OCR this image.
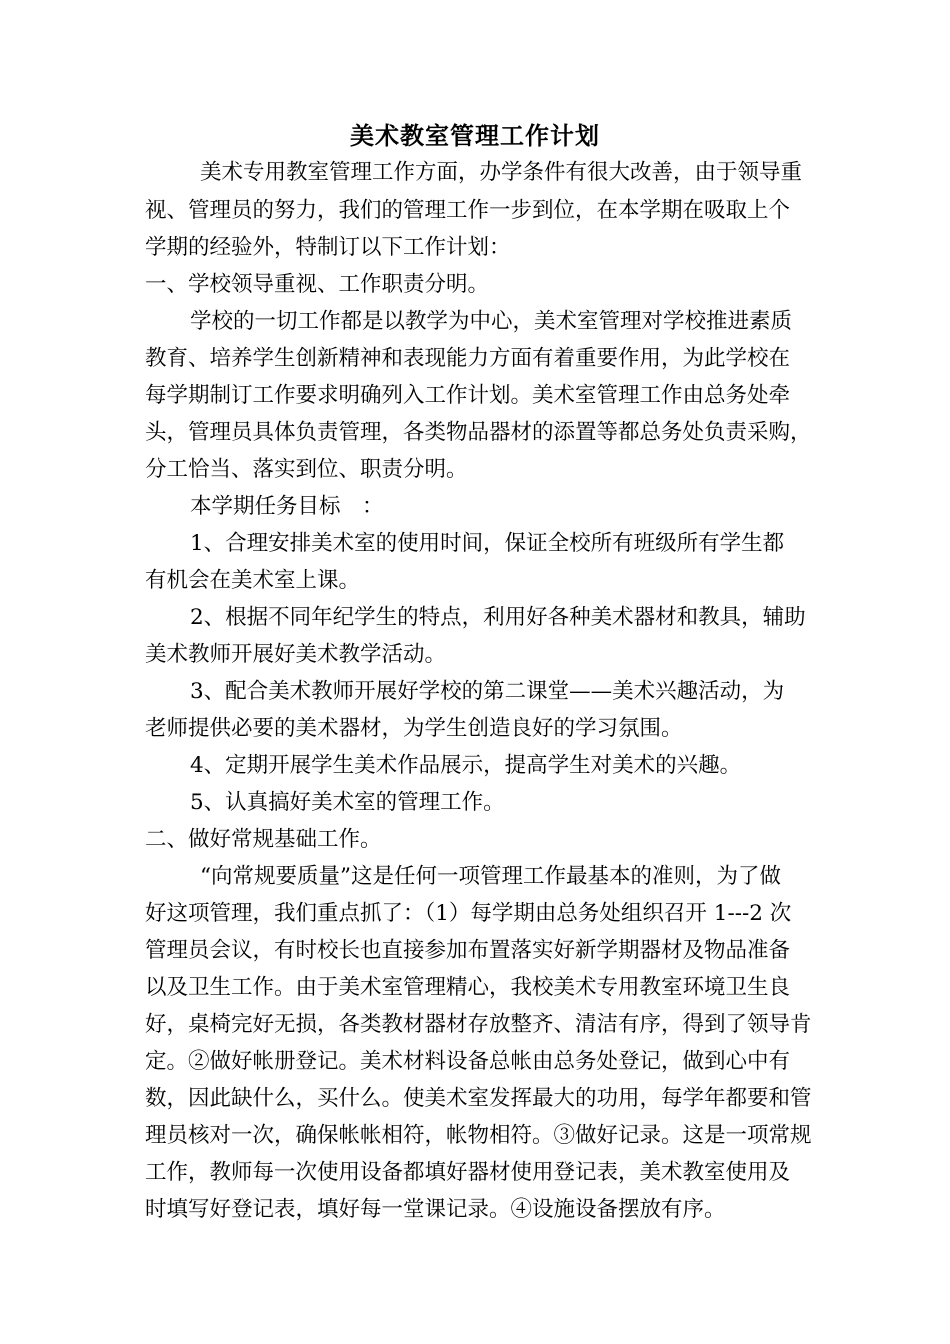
美术教室管理工作计划
美术专用教室管理工作方面，办学条件有很大改善，由于领导重
视、管理员的努力，我们的管理工作一步到位，在本学期在吸取上个
学期的经验外，特制订以下工作计划：
一、学校领导重视、工作职责分明。
学校的一切工作都是以教学为中心，美术室管理对学校推进素质
教育、培养学生创新精神和表现能力方面有着重要作用，为此学校在
每学期制订工作要求明确列入工作计划。美术室管理工作由总务处牵
头，管理员具体负责管理，各类物品器材的添置等都总务处负责采购，
分工恰当、落实到位、职责分明。
本学期任务目标　：
1、合理安排美术室的使用时间，保证全校所有班级所有学生都
有机会在美术室上课。
2、根据不同年纪学生的特点，利用好各种美术器材和教具，辅助
美术教师开展好美术教学活动。
3、配合美术教师开展好学校的第二课堂——美术兴趣活动，为
老师提供必要的美术器材，为学生创造良好的学习氛围。
4、定期开展学生美术作品展示，提高学生对美术的兴趣。
5、认真搞好美术室的管理工作。
二、做好常规基础工作。
“向常规要质量”这是任何一项管理工作最基本的准则，为了做
好这项管理，我们重点抓了：（1）每学期由总务处组织召开 1---2 次
管理员会议，有时校长也直接参加布置落实好新学期器材及物品准备
以及卫生工作。由于美术室管理精心，我校美术专用教室环境卫生良
好，桌椅完好无损，各类教材器材存放整齐、清洁有序，得到了领导肯
定。②做好帐册登记。美术材料设备总帐由总务处登记，做到心中有
数，因此缺什么，买什么。使美术室发挥最大的功用，每学年都要和管
理员核对一次，确保帐帐相符，帐物相符。③做好记录。这是一项常规
工作，教师每一次使用设备都填好器材使用登记表，美术教室使用及
时填写好登记表，填好每一堂课记录。④设施设备摆放有序。
